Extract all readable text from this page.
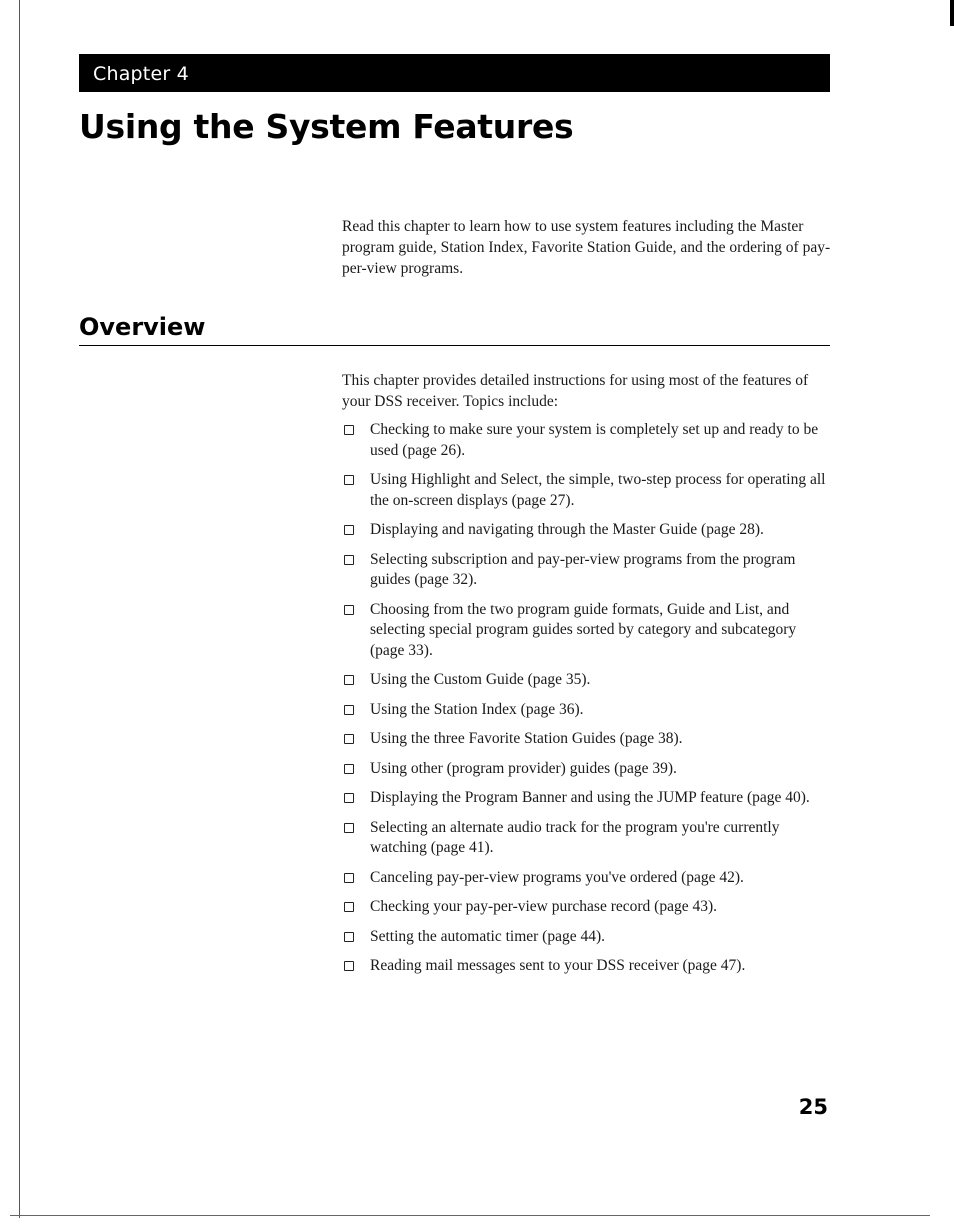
Chapter 4
Using the System Features

Read this chapter to learn how to use system features including the Master program guide, Station Index, Favorite Station Guide, and the ordering of pay-per-view programs.

Overview

This chapter provides detailed instructions for using most of the features of your DSS receiver. Topics include:

Checking to make sure your system is completely set up and ready to be used (page 26).
Using Highlight and Select, the simple, two-step process for operating all the on-screen displays (page 27).
Displaying and navigating through the Master Guide (page 28).
Selecting subscription and pay-per-view programs from the program guides (page 32).
Choosing from the two program guide formats, Guide and List, and selecting special program guides sorted by category and subcategory (page 33).
Using the Custom Guide (page 35).
Using the Station Index (page 36).
Using the three Favorite Station Guides (page 38).
Using other (program provider) guides (page 39).
Displaying the Program Banner and using the JUMP feature (page 40).
Selecting an alternate audio track for the program you're currently watching (page 41).
Canceling pay-per-view programs you've ordered (page 42).
Checking your pay-per-view purchase record (page 43).
Setting the automatic timer (page 44).
Reading mail messages sent to your DSS receiver (page 47).
25
